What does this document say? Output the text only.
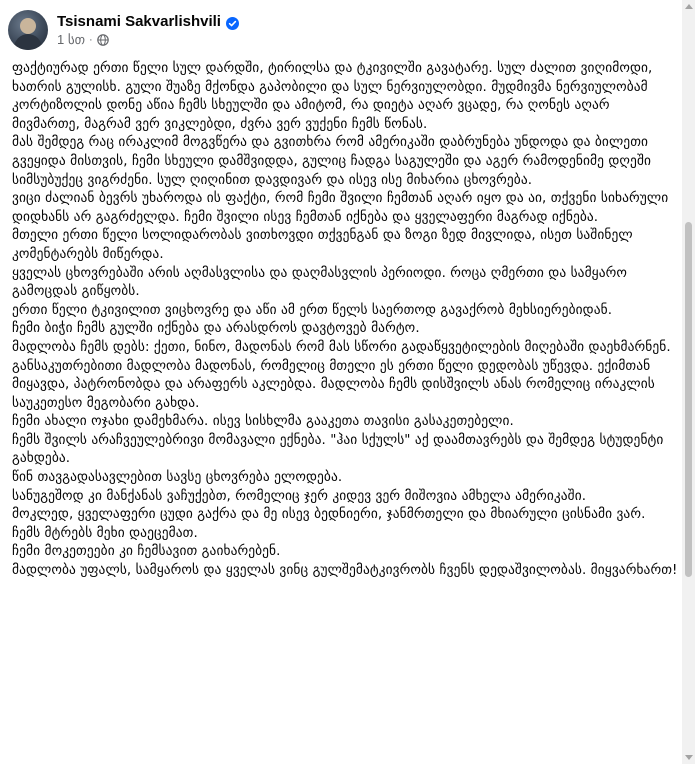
Tsisnami Sakvarlishvili
1 სთ ·

ფაქტიურად ერთი წელი სულ დარდში, ტირილსა და ტკივილში გავატარე. სულ ძალით ვიღიმოდი, ხათრის გულისხ. გული შუაზე მქონდა გაპობილი და სულ ნერვიულობდი. მუდმივმა ნერვიულობამ კორტიზოლის დონე აწია ჩემს სხეულში და ამიტომ, რა დიეტა აღარ ვცადე, რა ღონეს აღარ მივმართე, მაგრამ ვერ ვიკლებდი, ძვრა ვერ ვუქენი ჩემს წონას.

მას შემდეგ რაც ირაკლიმ მოგვწერა და გვითხრა რომ ამერიკაში დაბრუნება უნდოდა და ბილეთი გვეყიდა მისთვის, ჩემი სხეული დამშვიდდა, გულიც ჩადგა საგულეში და აგერ რამოდენიმე დღეში სიმსუბუქეც ვიგრძენი. სულ ღიღინით დავდივარ და ისევ ისე მიხარია ცხოვრება.

ვიცი ძალიან ბევრს უხაროდა ის ფაქტი, რომ ჩემი შვილი ჩემთან აღარ იყო და აი, თქვენი სიხარული დიდხანს არ გაგრძელდა. ჩემი შვილი ისევ ჩემთან იქნება და ყველაფერი მაგრად იქნება.

მთელი ერთი წელი სოლიდარობას ვითხოვდი თქვენგან და ზოგი ზედ მივლიდა, ისეთ საშინელ კომენტარებს მიწერდა.

ყველას ცხოვრებაში არის აღმასვლისა და დაღმასვლის პერიოდი. როცა ღმერთი და სამყარო გამოცდას გიწყობს.

ერთი წელი ტკივილით ვიცხოვრე და აწი ამ ერთ წელს საერთოდ გავაქრობ მეხსიერებიდან.

ჩემი ბიჭი ჩემს გულში იქნება და არასდროს დავტოვებ მარტო.

მადლობა ჩემს დებს: ქეთი, ნინო, მადონას რომ მას სწორი გადაწყვეტილების მიღებაში დაეხმარნენ. განსაკუთრებითი მადლობა მადონას, რომელიც მთელი ეს ერთი წელი დედობას უწევდა. ექიმთან მიყავდა, პატრონობდა და არაფერს აკლებდა. მადლობა ჩემს დისშვილს ანას რომელიც ირაკლის საუკეთესო მეგობარი გახდა.

ჩემი ახალი ოჯახი დამეხმარა. ისევ სისხლმა გააკეთა თავისი გასაკეთებელი.

ჩემს შვილს არაჩვეულებრივი მომავალი ექნება. "ჰაი სქულს" აქ დაამთავრებს და შემდეგ სტუდენტი გახდება.

წინ თავგადასავლებით სავსე ცხოვრება ელოდება.

სანუგეშოდ კი მანქანას ვაჩუქებთ, რომელიც ჯერ კიდევ ვერ მიშოვია ამხელა ამერიკაში.

მოკლედ, ყველაფერი ცუდი გაქრა და მე ისევ ბედნიერი, ჯანმრთელი და მხიარული ცისნამი ვარ.

ჩემს მტრებს მეხი დაეცემათ.

ჩემი მოკეთეები კი ჩემსავით გაიხარებენ.

მადლობა უფალს, სამყაროს და ყველას ვინც გულშემატკივრობს ჩვენს დედაშვილობას. მიყვარხართ!
